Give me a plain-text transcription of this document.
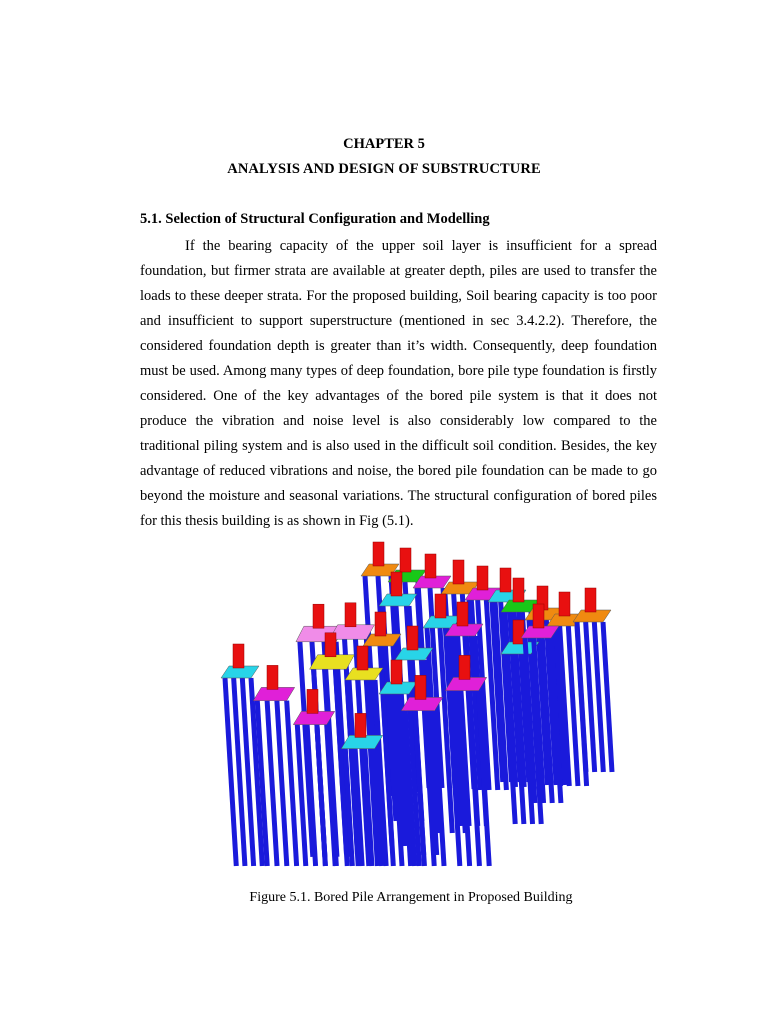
CHAPTER 5
ANALYSIS AND DESIGN OF SUBSTRUCTURE
5.1. Selection of Structural Configuration and Modelling

If the bearing capacity of the upper soil layer is insufficient for a spread foundation, but firmer strata are available at greater depth, piles are used to transfer the loads to these deeper strata. For the proposed building, Soil bearing capacity is too poor and insufficient to support superstructure (mentioned in sec 3.4.2.2). Therefore, the considered foundation depth is greater than it’s width. Consequently, deep foundation must be used. Among many types of deep foundation, bore pile type foundation is firstly considered. One of the key advantages of the bored pile system is that it does not produce the vibration and noise level is also considerably low compared to the traditional piling system and is also used in the difficult soil condition. Besides, the key advantage of reduced vibrations and noise, the bored pile foundation can be made to go beyond the moisture and seasonal variations. The structural configuration of bored piles for this thesis building is as shown in Fig (5.1).

Figure 5.1. Bored Pile Arrangement in Proposed Building
